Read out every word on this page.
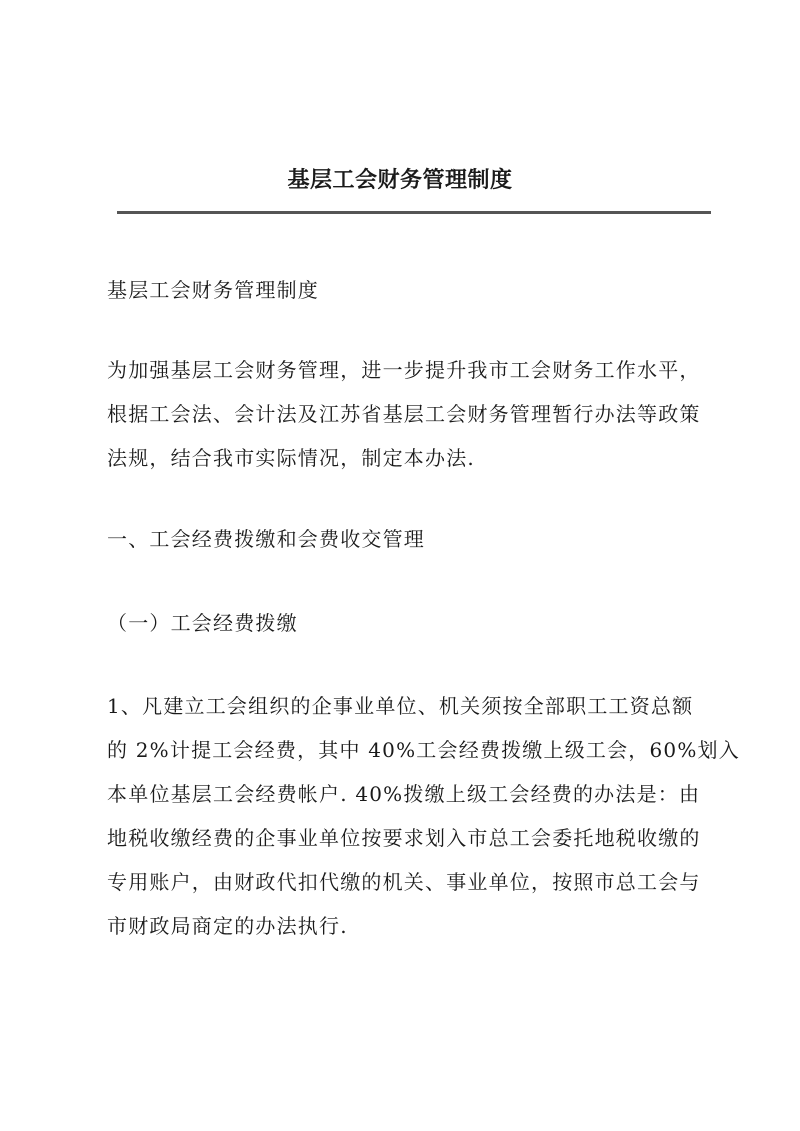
基层工会财务管理制度

基层工会财务管理制度

为加强基层工会财务管理，进一步提升我市工会财务工作水平，
根据工会法、会计法及江苏省基层工会财务管理暂行办法等政策
法规，结合我市实际情况，制定本办法.

一、工会经费拨缴和会费收交管理

（一）工会经费拨缴

1、凡建立工会组织的企事业单位、机关须按全部职工工资总额
的 2%计提工会经费，其中 40%工会经费拨缴上级工会，60%划入
本单位基层工会经费帐户. 40%拨缴上级工会经费的办法是：由
地税收缴经费的企事业单位按要求划入市总工会委托地税收缴的
专用账户，由财政代扣代缴的机关、事业单位，按照市总工会与
市财政局商定的办法执行.
